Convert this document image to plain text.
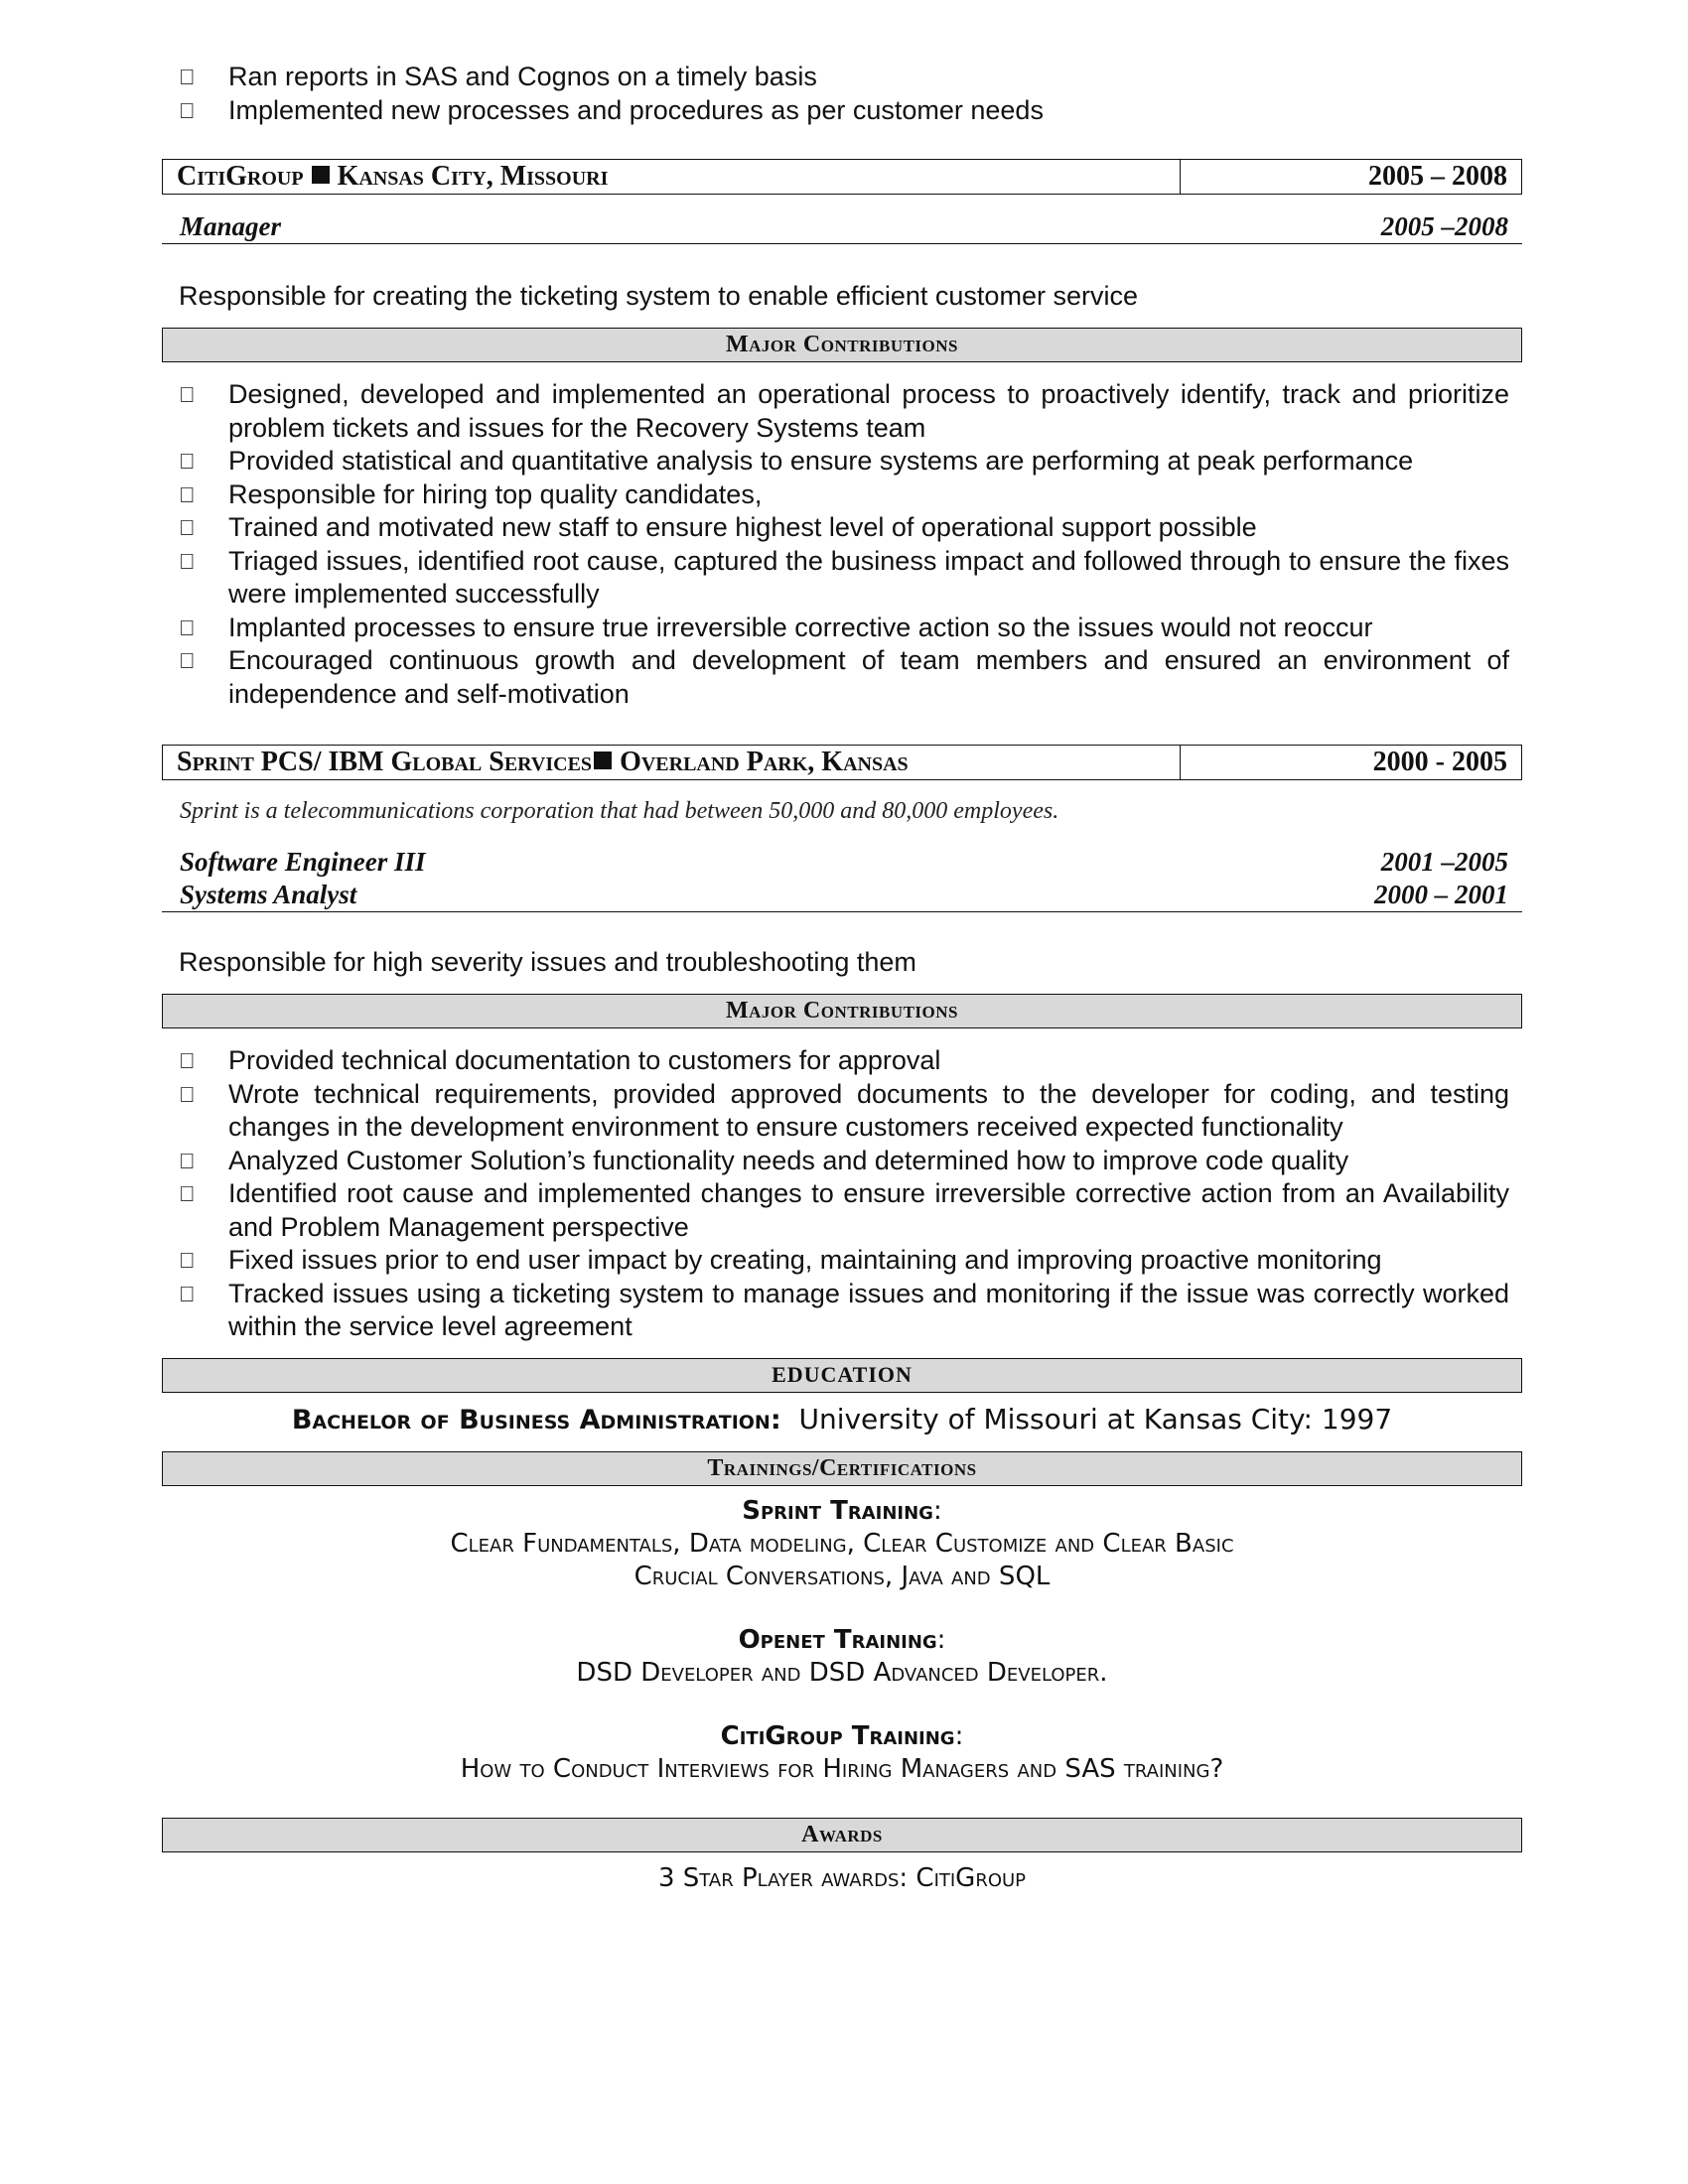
Ran reports in SAS and Cognos on a timely basis
Implemented new processes and procedures as per customer needs
CitiGroup Kansas City, Missouri	2005 – 2008
Manager	2005 –2008
Responsible for creating the ticketing system to enable efficient customer service
Major Contributions
Designed, developed and implemented an operational process to proactively identify, track and prioritize problem tickets and issues for the Recovery Systems team
Provided statistical and quantitative analysis to ensure systems are performing at peak performance
Responsible for hiring top quality candidates,
Trained and motivated new staff to ensure highest level of operational support possible
Triaged issues, identified root cause, captured the business impact and followed through to ensure the fixes were implemented successfully
Implanted processes to ensure true irreversible corrective action so the issues would not reoccur
Encouraged continuous growth and development of team members and ensured an environment of independence and self-motivation
Sprint PCS/ IBM Global Services Overland Park, Kansas	2000 - 2005
Sprint is a telecommunications corporation that had between 50,000 and 80,000 employees.
Software Engineer III	2001 –2005
Systems Analyst	2000 – 2001
Responsible for high severity issues and troubleshooting them
Major Contributions
Provided technical documentation to customers for approval
Wrote technical requirements, provided approved documents to the developer for coding, and testing changes in the development environment to ensure customers received expected functionality
Analyzed Customer Solution’s functionality needs and determined how to improve code quality
Identified root cause and implemented changes to ensure irreversible corrective action from an Availability and Problem Management perspective
Fixed issues prior to end user impact by creating, maintaining and improving proactive monitoring
Tracked issues using a ticketing system to manage issues and monitoring if the issue was correctly worked within the service level agreement
EDUCATION
Bachelor of Business Administration: University of Missouri at Kansas City: 1997
Trainings/Certifications
Sprint Training:
Clear Fundamentals, Data modeling, Clear Customize and Clear Basic
Crucial Conversations, Java and SQL
Openet Training:
DSD Developer and DSD Advanced Developer.
CitiGroup Training:
How to Conduct Interviews for Hiring Managers and SAS training?
Awards
3 Star Player awards: CitiGroup
